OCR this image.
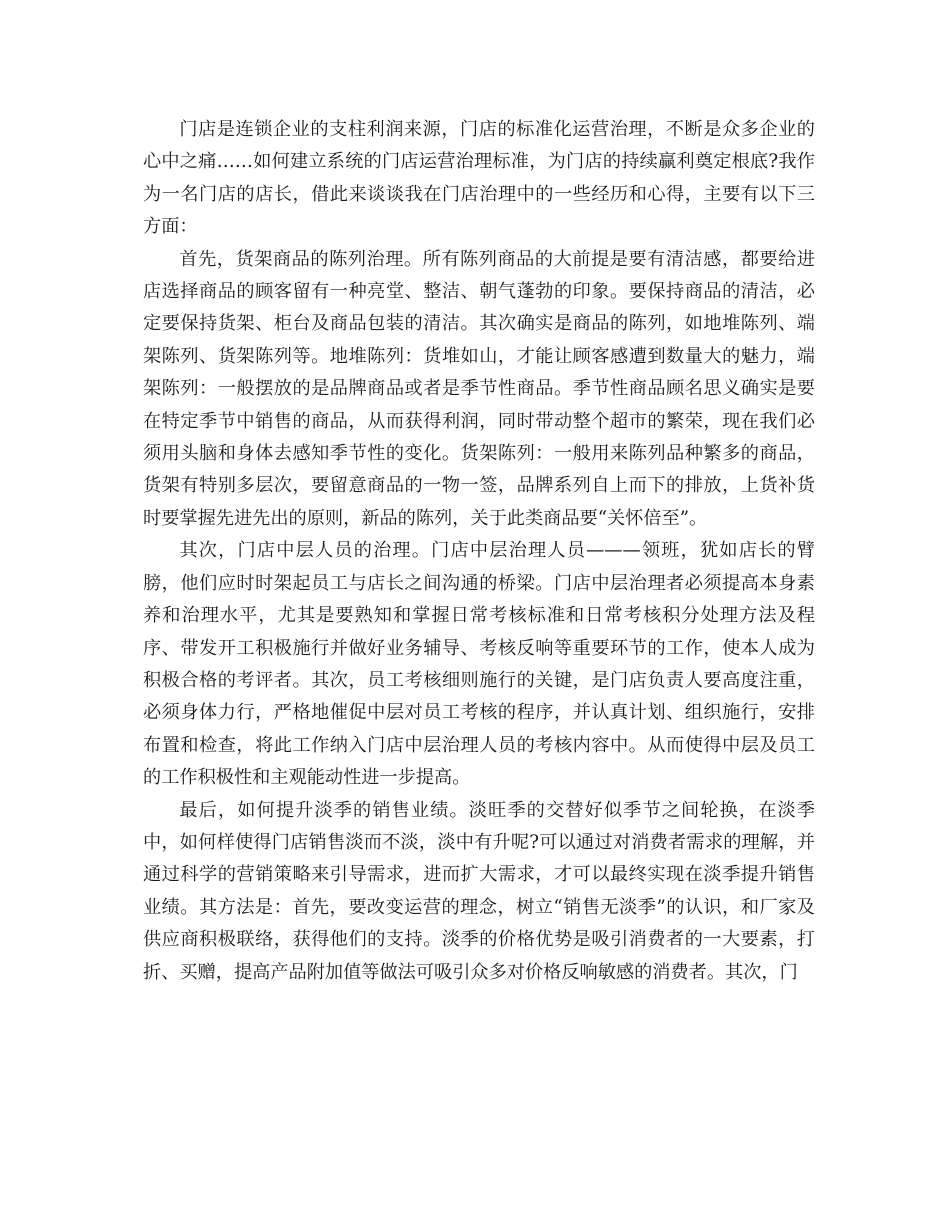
门店是连锁企业的支柱利润来源，门店的标准化运营治理，不断是众多企业的心中之痛……如何建立系统的门店运营治理标准，为门店的持续赢利奠定根底?我作为一名门店的店长，借此来谈谈我在门店治理中的一些经历和心得，主要有以下三方面：

首先，货架商品的陈列治理。所有陈列商品的大前提是要有清洁感，都要给进店选择商品的顾客留有一种亮堂、整洁、朝气蓬勃的印象。要保持商品的清洁，必定要保持货架、柜台及商品包装的清洁。其次确实是商品的陈列，如地堆陈列、端架陈列、货架陈列等。地堆陈列：货堆如山，才能让顾客感遭到数量大的魅力，端架陈列：一般摆放的是品牌商品或者是季节性商品。季节性商品顾名思义确实是要在特定季节中销售的商品，从而获得利润，同时带动整个超市的繁荣，现在我们必须用头脑和身体去感知季节性的变化。货架陈列：一般用来陈列品种繁多的商品，货架有特别多层次，要留意商品的一物一签，品牌系列自上而下的排放，上货补货时要掌握先进先出的原则，新品的陈列，关于此类商品要“关怀倍至”。

其次，门店中层人员的治理。门店中层治理人员———领班，犹如店长的臂膀，他们应时时架起员工与店长之间沟通的桥梁。门店中层治理者必须提高本身素养和治理水平，尤其是要熟知和掌握日常考核标准和日常考核积分处理方法及程序、带发开工积极施行并做好业务辅导、考核反响等重要环节的工作，使本人成为积极合格的考评者。其次，员工考核细则施行的关键，是门店负责人要高度注重，必须身体力行，严格地催促中层对员工考核的程序，并认真计划、组织施行，安排布置和检查，将此工作纳入门店中层治理人员的考核内容中。从而使得中层及员工的工作积极性和主观能动性进一步提高。

最后，如何提升淡季的销售业绩。淡旺季的交替好似季节之间轮换，在淡季中，如何样使得门店销售淡而不淡，淡中有升呢?可以通过对消费者需求的理解，并通过科学的营销策略来引导需求，进而扩大需求，才可以最终实现在淡季提升销售业绩。其方法是：首先，要改变运营的理念，树立“销售无淡季”的认识，和厂家及供应商积极联络，获得他们的支持。淡季的价格优势是吸引消费者的一大要素，打折、买赠，提高产品附加值等做法可吸引众多对价格反响敏感的消费者。其次，门
